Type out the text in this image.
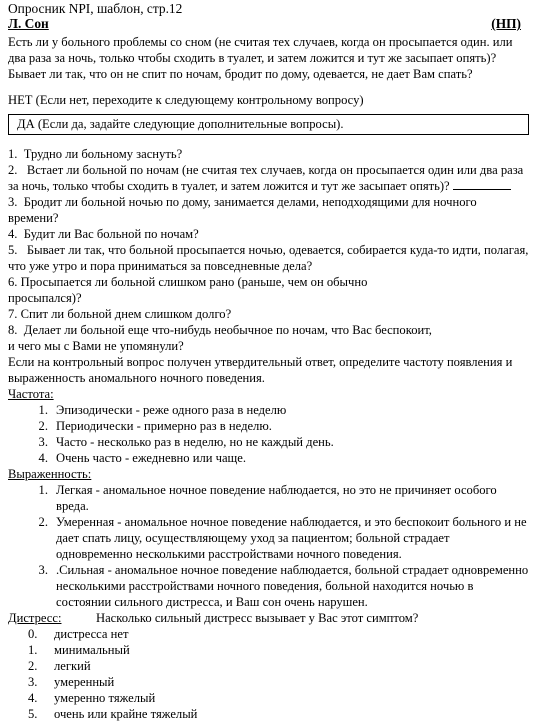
Опросник NPI, шаблон, стр.12
Л. Сон	(НП)
Есть ли у больного проблемы со сном (не считая тех случаев, когда он просыпается один. или два раза за ночь, только чтобы сходить в туалет, и затем ложится и тут же засыпает опять)? Бывает ли так, что он не спит по ночам, бродит по дому, одевается, не дает Вам спать?
НЕТ (Если нет, переходите к следующему контрольному вопросу)
ДА (Если да, задайте следующие дополнительные вопросы).
1. Трудно ли больному заснуть?
2. Встает ли больной по ночам (не считая тех случаев, когда он просыпается один или два раза за ночь, только чтобы сходить в туалет, и затем ложится и тут же засыпает опять)?
3. Бродит ли больной ночью по дому, занимается делами, неподходящими для ночного времени?
4. Будит ли Вас больной по ночам?
5. Бывает ли так, что больной просыпается ночью, одевается, собирается куда-то идти, полагая, что уже утро и пора приниматься за повседневные дела?
6. Просыпается ли больной слишком рано (раньше, чем он обычно
просыпался)?
7. Спит ли больной днем слишком долго?
8. Делает ли больной еще что-нибудь необычное по ночам, что Вас беспокоит,
и чего мы с Вами не упомянули?
Если на контрольный вопрос получен утвердительный ответ, определите частоту появления и выраженность аномального ночного поведения.
Частота:
1. Эпизодически - реже одного раза в неделю
2. Периодически - примерно раз в неделю.
3. Часто - несколько раз в неделю, но не каждый день.
4. Очень часто - ежедневно или чаще.
Выраженность:
1. Легкая - аномальное ночное поведение наблюдается, но это не причиняет особого вреда.
2. Умеренная - аномальное ночное поведение наблюдается, и это беспокоит больного и не дает спать лицу, осуществляющему уход за пациентом; больной страдает одновременно несколькими расстройствами ночного поведения.
3. .Сильная - аномальное ночное поведение наблюдается, больной страдает одновременно несколькими расстройствами ночного поведения, больной находится ночью в состоянии сильного дистресса, и Ваш сон очень нарушен.
Дистресс:	Насколько сильный дистресс вызывает у Вас этот симптом?
0.	дистресса нет
1.	минимальный
2.	легкий
3.	умеренный
4.	умеренно тяжелый
5.	очень или крайне тяжелый
